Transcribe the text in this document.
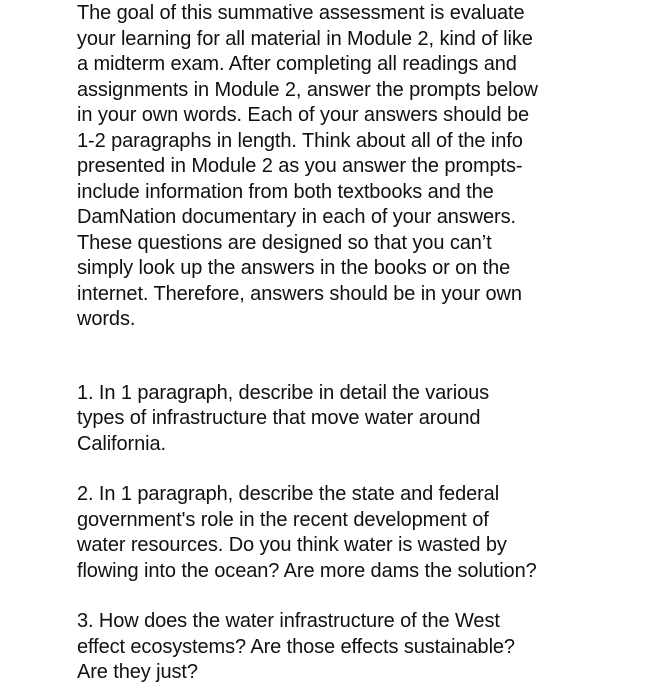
The goal of this summative assessment is evaluate
your learning for all material in Module 2, kind of like
a midterm exam. After completing all readings and
assignments in Module 2, answer the prompts below
in your own words. Each of your answers should be
1-2 paragraphs in length. Think about all of the info
presented in Module 2 as you answer the prompts-
include information from both textbooks and the
DamNation documentary in each of your answers.
These questions are designed so that you can’t
simply look up the answers in the books or on the
internet. Therefore, answers should be in your own
words.
1. In 1 paragraph, describe in detail the various
types of infrastructure that move water around
California.
2. In 1 paragraph, describe the state and federal
government's role in the recent development of
water resources. Do you think water is wasted by
flowing into the ocean? Are more dams the solution?
3. How does the water infrastructure of the West
effect ecosystems? Are those effects sustainable?
Are they just?
